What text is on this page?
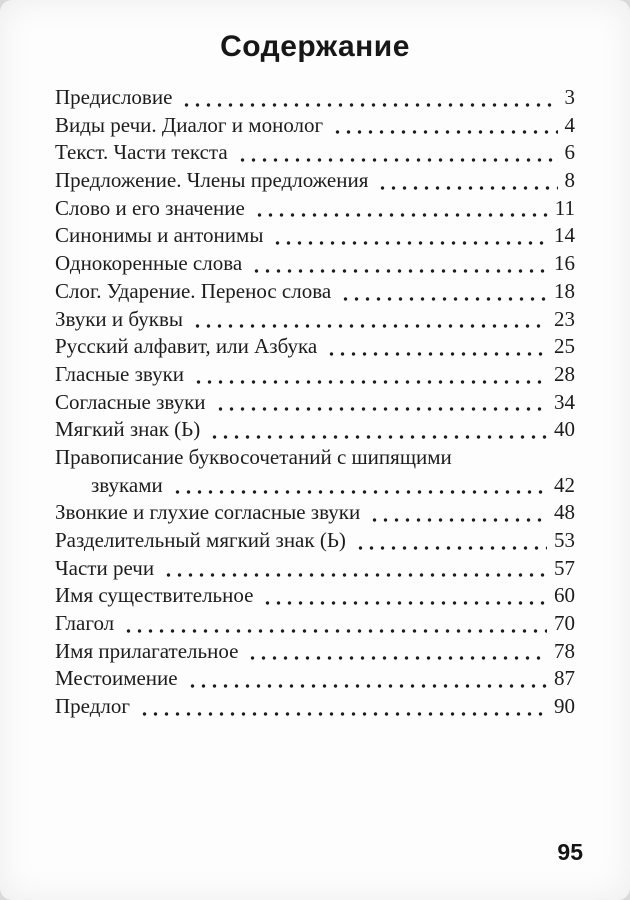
Содержание
Предисловие	3
Виды речи. Диалог и монолог	4
Текст. Части текста	6
Предложение. Члены предложения	8
Слово и его значение	11
Синонимы и антонимы	14
Однокоренные слова	16
Слог. Ударение. Перенос слова	18
Звуки и буквы	23
Русский алфавит, или Азбука	25
Гласные звуки	28
Согласные звуки	34
Мягкий знак (Ь)	40
Правописание буквосочетаний с шипящими
звуками	42
Звонкие и глухие согласные звуки	48
Разделительный мягкий знак (Ь)	53
Части речи	57
Имя существительное	60
Глагол	70
Имя прилагательное	78
Местоимение	87
Предлог	90
95
